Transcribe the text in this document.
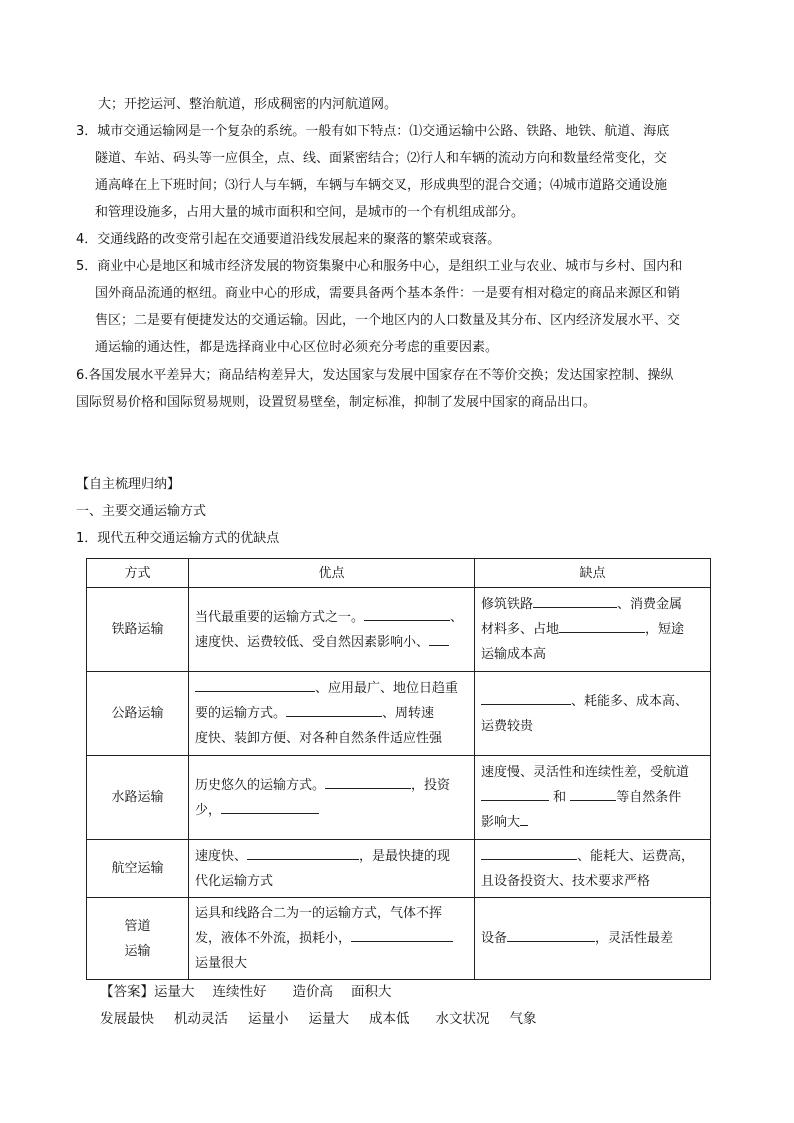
大；开挖运河、整治航道，形成稠密的内河航道网。
3．城市交通运输网是一个复杂的系统。一般有如下特点：⑴交通运输中公路、铁路、地铁、航道、海底
隧道、车站、码头等一应俱全，点、线、面紧密结合；⑵行人和车辆的流动方向和数量经常变化，交
通高峰在上下班时间；⑶行人与车辆，车辆与车辆交叉，形成典型的混合交通；⑷城市道路交通设施
和管理设施多，占用大量的城市面积和空间，是城市的一个有机组成部分。
4．交通线路的改变常引起在交通要道沿线发展起来的聚落的繁荣或衰落。
5．商业中心是地区和城市经济发展的物资集聚中心和服务中心，是组织工业与农业、城市与乡村、国内和
国外商品流通的枢纽。商业中心的形成，需要具备两个基本条件：一是要有相对稳定的商品来源区和销
售区；二是要有便捷发达的交通运输。因此，一个地区内的人口数量及其分布、区内经济发展水平、交
通运输的通达性，都是选择商业中心区位时必须充分考虑的重要因素。
6.各国发展水平差异大；商品结构差异大，发达国家与发展中国家存在不等价交换；发达国家控制、操纵
国际贸易价格和国际贸易规则，设置贸易壁垒，制定标准，抑制了发展中国家的商品出口。
【自主梳理归纳】
一、主要交通运输方式
1．现代五种交通运输方式的优缺点
方式	优点	缺点
铁路运输	当代最重要的运输方式之一。 、
速度快、运费较低、受自然因素影响小、	修筑铁路 、消费金属
材料多、占地 ，短途
运输成本高

公路运输	、应用最广、地位日趋重
要的运输方式。 、周转速
度快、装卸方便、对各种自然条件适应性强	、耗能多、成本高、
运费较贵

水路运输	历史悠久的运输方式。 ，投资
少，	速度慢、灵活性和连续性差，受航道
和 等自然条件
影响大

航空运输	速度快、 ，是最快捷的现
代化运输方式	、能耗大、运费高，
且设备投资大、技术要求严格

管道
运输	运具和线路合二为一的运输方式，气体不挥
发，液体不外流，损耗小，
运量很大	设备 ，灵活性最差
【答案】运量大 连续性好 造价高 面积大
发展最快 机动灵活 运量小 运量大 成本低 水文状况 气象
